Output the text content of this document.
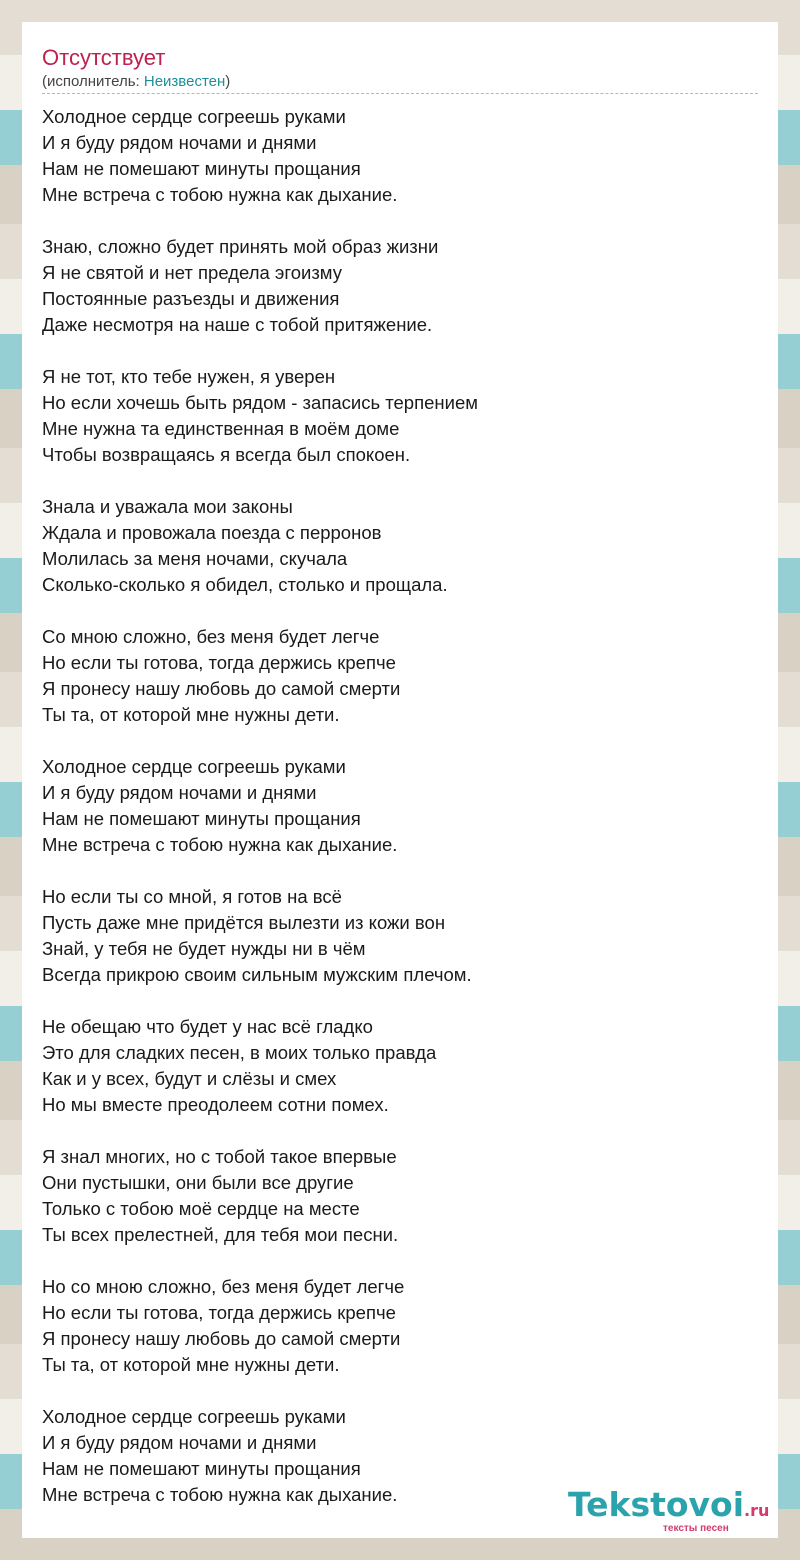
Отсутствует
(исполнитель: Неизвестен)
Холодное сердце согреешь руками
И я буду рядом ночами и днями
Нам не помешают минуты прощания
Мне встреча с тобою нужна как дыхание.
Знаю, сложно будет принять мой образ жизни
Я не святой и нет предела эгоизму
Постоянные разъезды и движения
Даже несмотря на наше с тобой притяжение.
Я не тот, кто тебе нужен, я уверен
Но если хочешь быть рядом - запасись терпением
Мне нужна та единственная в моём доме
Чтобы возвращаясь я всегда был спокоен.
Знала и уважала мои законы
Ждала и провожала поезда с перронов
Молилась за меня ночами, скучала
Сколько-сколько я обидел, столько и прощала.
Со мною сложно, без меня будет легче
Но если ты готова, тогда держись крепче
Я пронесу нашу любовь до самой смерти
Ты та, от которой мне нужны дети.
Холодное сердце согреешь руками
И я буду рядом ночами и днями
Нам не помешают минуты прощания
Мне встреча с тобою нужна как дыхание.
Но если ты со мной, я готов на всё
Пусть даже мне придётся вылезти из кожи вон
Знай, у тебя не будет нужды ни в чём
Всегда прикрою своим сильным мужским плечом.
Не обещаю что будет у нас всё гладко
Это для сладких песен, в моих только правда
Как и у всех, будут и слёзы и смех
Но мы вместе преодолеем сотни помех.
Я знал многих, но с тобой такое впервые
Они пустышки, они были все другие
Только с тобою моё сердце на месте
Ты всех прелестней, для тебя мои песни.
Но со мною сложно, без меня будет легче
Но если ты готова, тогда держись крепче
Я пронесу нашу любовь до самой смерти
Ты та, от которой мне нужны дети.
Холодное сердце согреешь руками
И я буду рядом ночами и днями
Нам не помешают минуты прощания
Мне встреча с тобою нужна как дыхание.	Tekstovoi.ru
тексты песен
